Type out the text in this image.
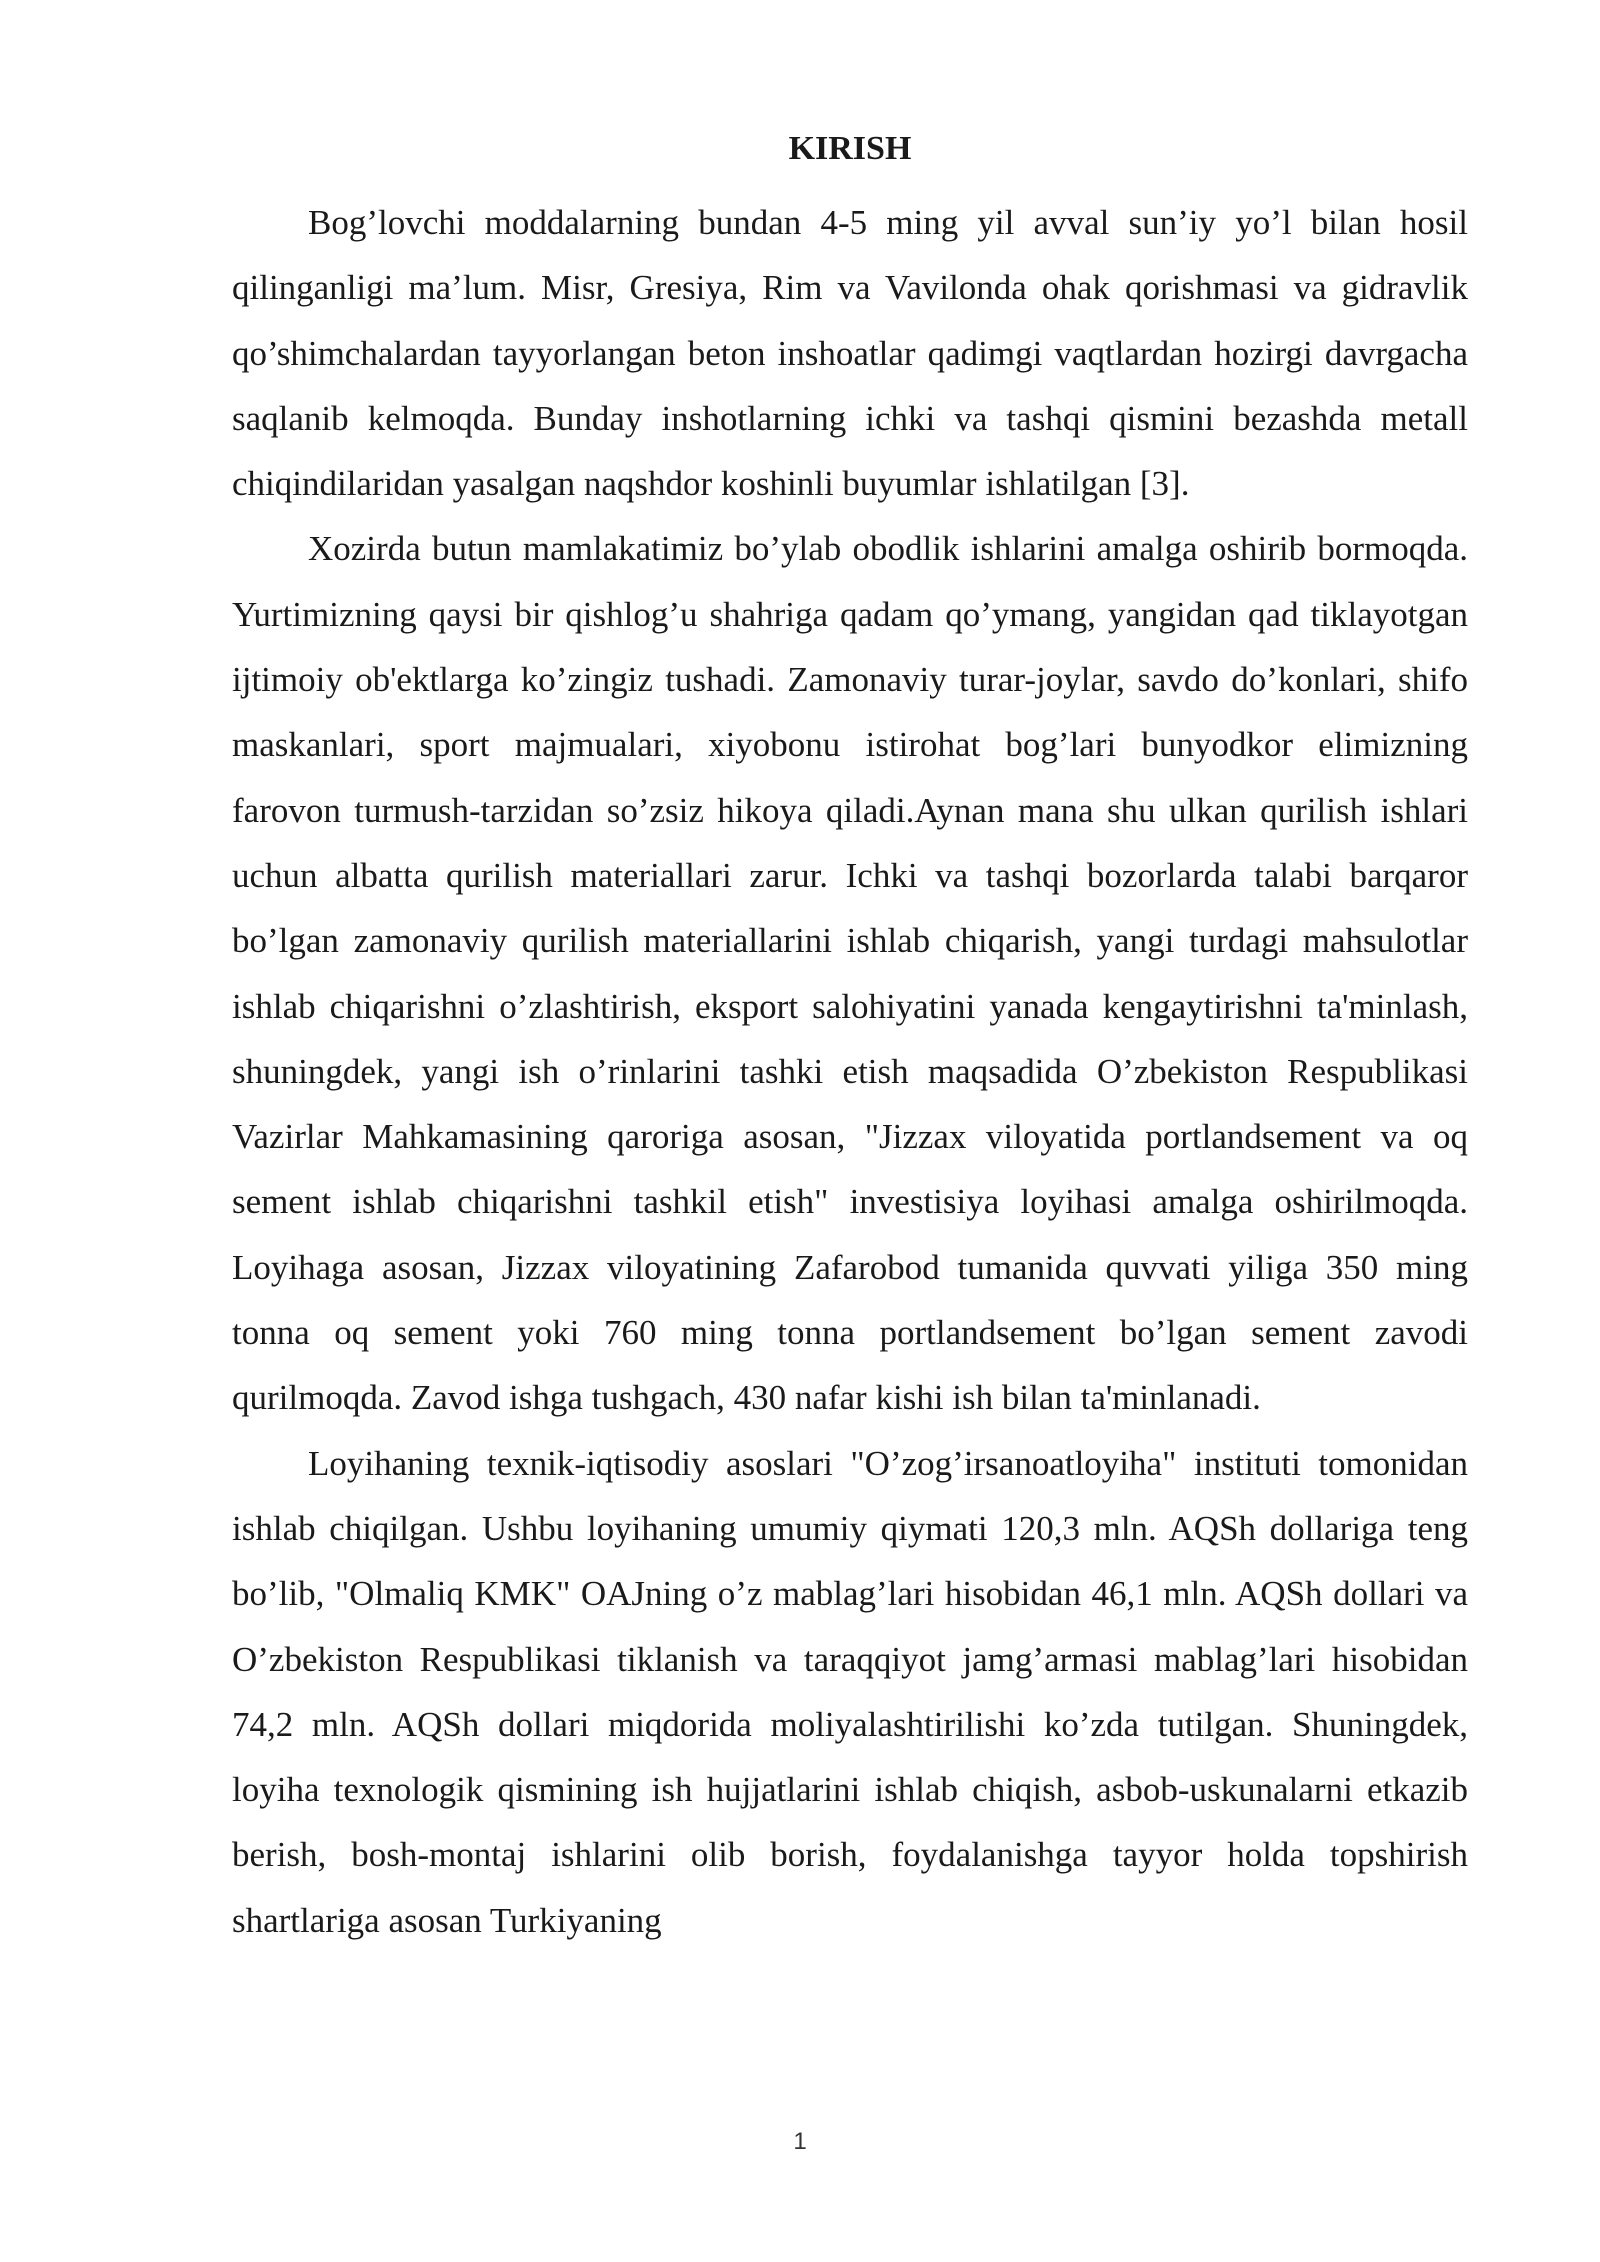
KIRISH

Bog’lovchi moddalarning bundan 4-5 ming yil avval sun’iy yo’l bilan hosil qilinganligi ma’lum. Misr, Gresiya, Rim va Vavilonda ohak qorishmasi va gidravlik qo’shimchalardan tayyorlangan beton inshoatlar qadimgi vaqtlardan hozirgi davrgacha saqlanib kelmoqda. Bunday inshotlarning ichki va tashqi qismini bezashda metall chiqindilaridan yasalgan naqshdor koshinli buyumlar ishlatilgan [3].

Xozirda butun mamlakatimiz bo’ylab obodlik ishlarini amalga oshirib bormoqda. Yurtimizning qaysi bir qishlog’u shahriga qadam qo’ymang, yangidan qad tiklayotgan ijtimoiy ob'ektlarga ko’zingiz tushadi. Zamonaviy turar-joylar, savdo do’konlari, shifo maskanlari, sport majmualari, xiyobonu istirohat bog’lari bunyodkor elimizning farovon turmush-tarzidan so’zsiz hikoya qiladi.Aynan mana shu ulkan qurilish ishlari uchun albatta qurilish materiallari zarur. Ichki va tashqi bozorlarda talabi barqaror bo’lgan zamonaviy qurilish materiallarini ishlab chiqarish, yangi turdagi mahsulotlar ishlab chiqarishni o’zlashtirish, eksport salohiyatini yanada kengaytirishni ta'minlash, shuningdek, yangi ish o’rinlarini tashki etish maqsadida O’zbekiston Respublikasi Vazirlar Mahkamasining qaroriga asosan, "Jizzax viloyatida portlandsement va oq sement ishlab chiqarishni tashkil etish" investisiya loyihasi amalga oshirilmoqda. Loyihaga asosan, Jizzax viloyatining Zafarobod tumanida quvvati yiliga 350 ming tonna oq sement yoki 760 ming tonna portlandsement bo’lgan sement zavodi qurilmoqda. Zavod ishga tushgach, 430 nafar kishi ish bilan ta'minlanadi.

Loyihaning texnik-iqtisodiy asoslari "O’zog’irsanoatloyiha" instituti tomonidan ishlab chiqilgan. Ushbu loyihaning umumiy qiymati 120,3 mln. AQSh dollariga teng bo’lib, "Olmaliq KMK" OAJning o’z mablag’lari hisobidan 46,1 mln. AQSh dollari va O’zbekiston Respublikasi tiklanish va taraqqiyot jamg’armasi mablag’lari hisobidan 74,2 mln. AQSh dollari miqdorida moliyalashtirilishi ko’zda tutilgan. Shuningdek, loyiha texnologik qismining ish hujjatlarini ishlab chiqish, asbob-uskunalarni etkazib berish, bosh-montaj ishlarini olib borish, foydalanishga tayyor holda topshirish shartlariga asosan Turkiyaning

1
